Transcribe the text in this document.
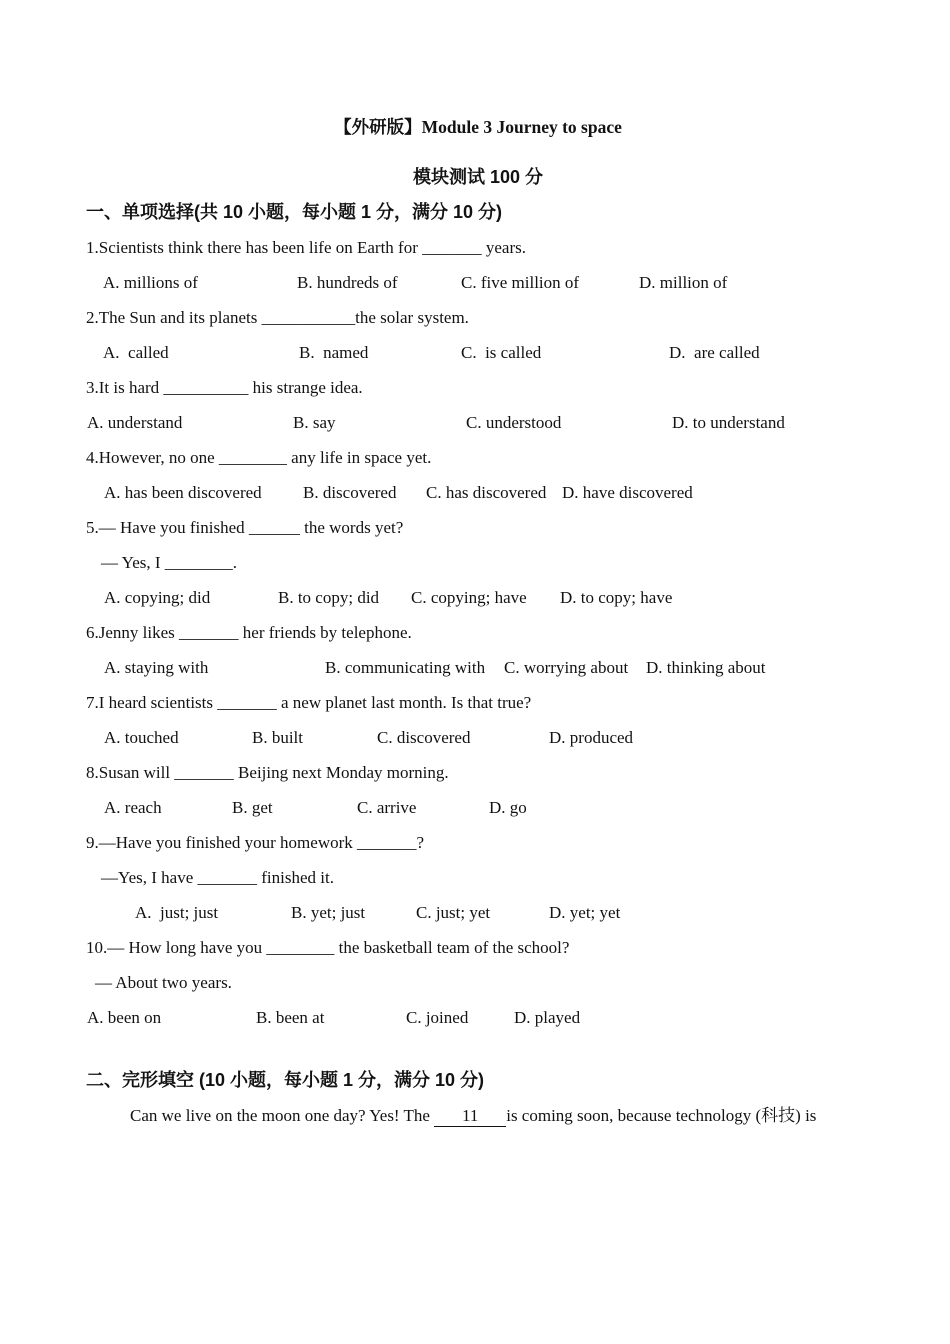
【外研版】Module 3 Journey to space
模块测试 100 分
一、单项选择(共 10 小题，每小题 1 分，满分 10 分)
1.Scientists think there has been life on Earth for _______ years.
A. millions of	B. hundreds of	C. five million of	D. million of
2.The Sun and its planets ___________the solar system.
A.  called	B.  named	C.  is called	D.  are called
3.It is hard __________ his strange idea.
A. understand	B. say	C. understood	D. to understand
4.However, no one ________ any life in space yet.
A. has been discovered	B. discovered	C. has discovered D. have discovered
5.— Have you finished ______ the words yet?
— Yes, I ________.
A. copying; did	B. to copy; did	C. copying; have	D. to copy; have
6.Jenny likes _______ her friends by telephone.
A. staying with	B. communicating with	C. worrying about	D. thinking about
7.I heard scientists _______ a new planet last month. Is that true?
A. touched	B. built	C. discovered	D. produced
8.Susan will _______ Beijing next Monday morning.
A. reach	B. get	C. arrive	D. go
9.—Have you finished your homework _______?
—Yes, I have _______ finished it.
A.  just; just	B. yet; just	C. just; yet	D. yet; yet
10.— How long have you ________ the basketball team of the school?
— About two years.
A. been on	B. been at	C. joined	D. played
二、完形填空 (10 小题，每小题 1 分，满分 10 分)
Can we live on the moon one day? Yes! The 11 is coming soon, because technology (科技) is
